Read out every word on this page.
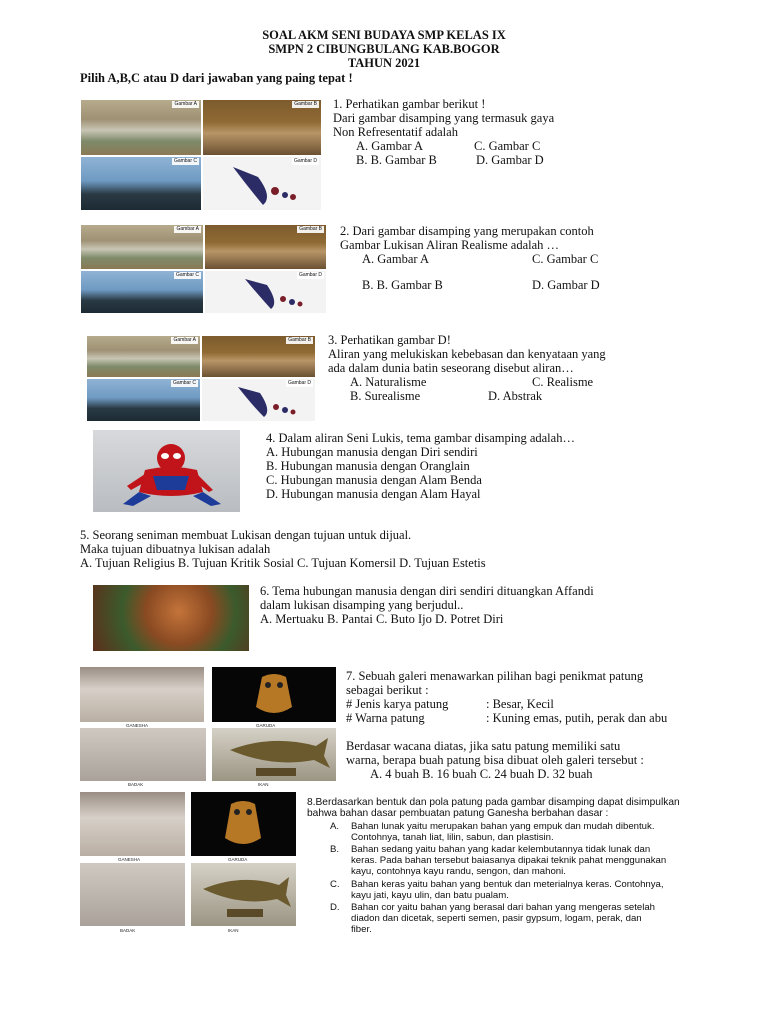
SOAL AKM SENI BUDAYA SMP KELAS IX
SMPN 2 CIBUNGBULANG KAB.BOGOR
TAHUN 2021
Pilih A,B,C atau D dari jawaban yang paing tepat !
Gambar A	Gambar B
Gambar C	Gambar D
1. Perhatikan gambar berikut !
Dari gambar disamping yang termasuk gaya
Non Refresentatif adalah
A. Gambar A	C. Gambar C
B. B. Gambar B	D. Gambar D
Gambar A	Gambar B
Gambar C	Gambar D
2. Dari gambar disamping yang merupakan contoh
Gambar Lukisan Aliran Realisme adalah …
A. Gambar A	C. Gambar C
B. B. Gambar B	D. Gambar D
Gambar A	Gambar B
Gambar C	Gambar D
3. Perhatikan gambar D!
Aliran yang melukiskan kebebasan dan kenyataan yang
ada dalam dunia batin seseorang disebut aliran…
A. Naturalisme	C. Realisme
B. Surealisme	D. Abstrak
4. Dalam aliran Seni Lukis, tema gambar disamping adalah…
A. Hubungan manusia dengan Diri sendiri
B. Hubungan manusia dengan Oranglain
C. Hubungan manusia dengan Alam Benda
D. Hubungan manusia dengan Alam Hayal
5. Seorang seniman membuat Lukisan dengan tujuan untuk dijual.
Maka tujuan dibuatnya lukisan adalah
A. Tujuan Religius B. Tujuan Kritik Sosial C. Tujuan Komersil D. Tujuan Estetis
6. Tema hubungan manusia dengan diri sendiri dituangkan Affandi
dalam lukisan disamping yang berjudul..
A. Mertuaku B. Pantai C. Buto Ijo D. Potret Diri
GANESHA	GARUDA
BADAK	IKAN
7. Sebuah galeri menawarkan pilihan bagi penikmat patung
sebagai berikut :
# Jenis karya patung	: Besar, Kecil
# Warna patung	: Kuning emas, putih, perak dan abu
Berdasar wacana diatas, jika satu patung memiliki satu
warna, berapa buah patung bisa dibuat oleh galeri tersebut :
A. 4 buah B. 16 buah C. 24 buah D. 32 buah
GANESHA	GARUDA
BADAK	IKAN
8.Berdasarkan bentuk dan pola patung pada gambar disamping dapat disimpulkan
bahwa bahan dasar pembuatan patung Ganesha berbahan dasar :
A. Bahan lunak yaitu merupakan bahan yang empuk dan mudah dibentuk.
Contohnya, tanah liat, lilin, sabun, dan plastisin.
B. Bahan sedang yaitu bahan yang kadar kelembutannya tidak lunak dan
keras. Pada bahan tersebut baiasanya dipakai teknik pahat menggunakan
kayu, contohnya kayu randu, sengon, dan mahoni.
C. Bahan keras yaitu bahan yang bentuk dan meterialnya keras. Contohnya,
kayu jati, kayu ulin, dan batu pualam.
D. Bahan cor yaitu bahan yang berasal dari bahan yang mengeras setelah
diadon dan dicetak, seperti semen, pasir gypsum, logam, perak, dan
fiber.
